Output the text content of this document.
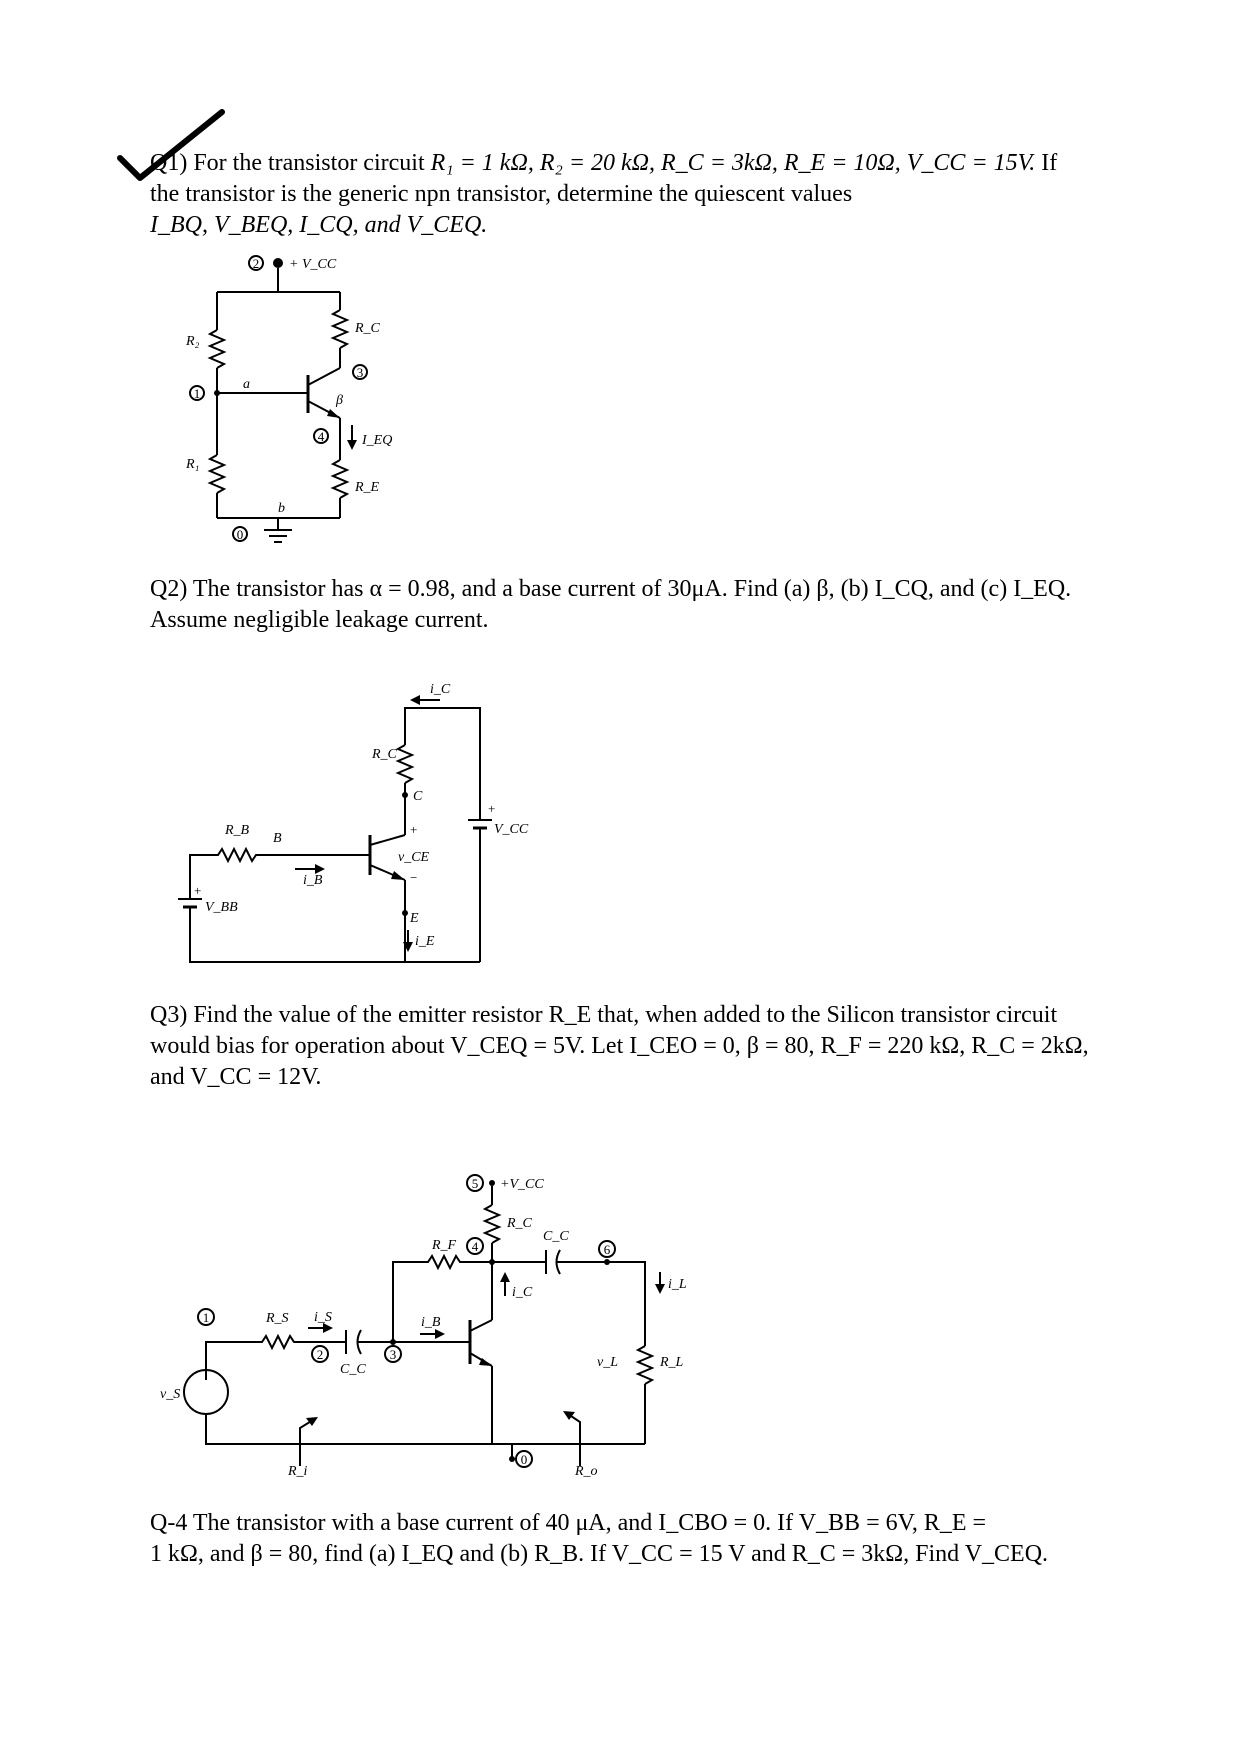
Q1) For the transistor circuit R₁ = 1 kΩ, R₂ = 20 kΩ, R_C = 3kΩ, R_E = 10Ω, V_CC = 15V. If
the transistor is the generic npn transistor, determine the quiescent values
I_BQ, V_BEQ, I_CQ, and V_CEQ.
Q2) The transistor has α = 0.98, and a base current of 30μA. Find (a) β, (b) I_CQ, and (c) I_EQ.
Assume negligible leakage current.
Q3) Find the value of the emitter resistor R_E that, when added to the Silicon transistor circuit
would bias for operation about V_CEQ = 5V. Let I_CEO = 0, β = 80, R_F = 220 kΩ, R_C = 2kΩ,
and V_CC = 12V.
Q-4 The transistor with a base current of 40 μA, and I_CBO = 0. If V_BB = 6V, R_E =
1 kΩ, and β = 80, find (a) I_EQ and (b) R_B. If V_CC = 15 V and R_C = 3kΩ, Find V_CEQ.
2 + V_CC
R₂
1
a
β
R_C
3
4	I_EQ
R_E
R₁
b
0
i_C
R_C
C
+
V_CC
+
v_CE
−
E
i_E
R_B
B
i_B
+
V_BB
5 +V_CC
R_C
4
R_F
C_C
6
i_L
i_C
i_B
1	R_S i_S
2
C_C
3
v_S
R_i
v_L	R_L
R_o
0
